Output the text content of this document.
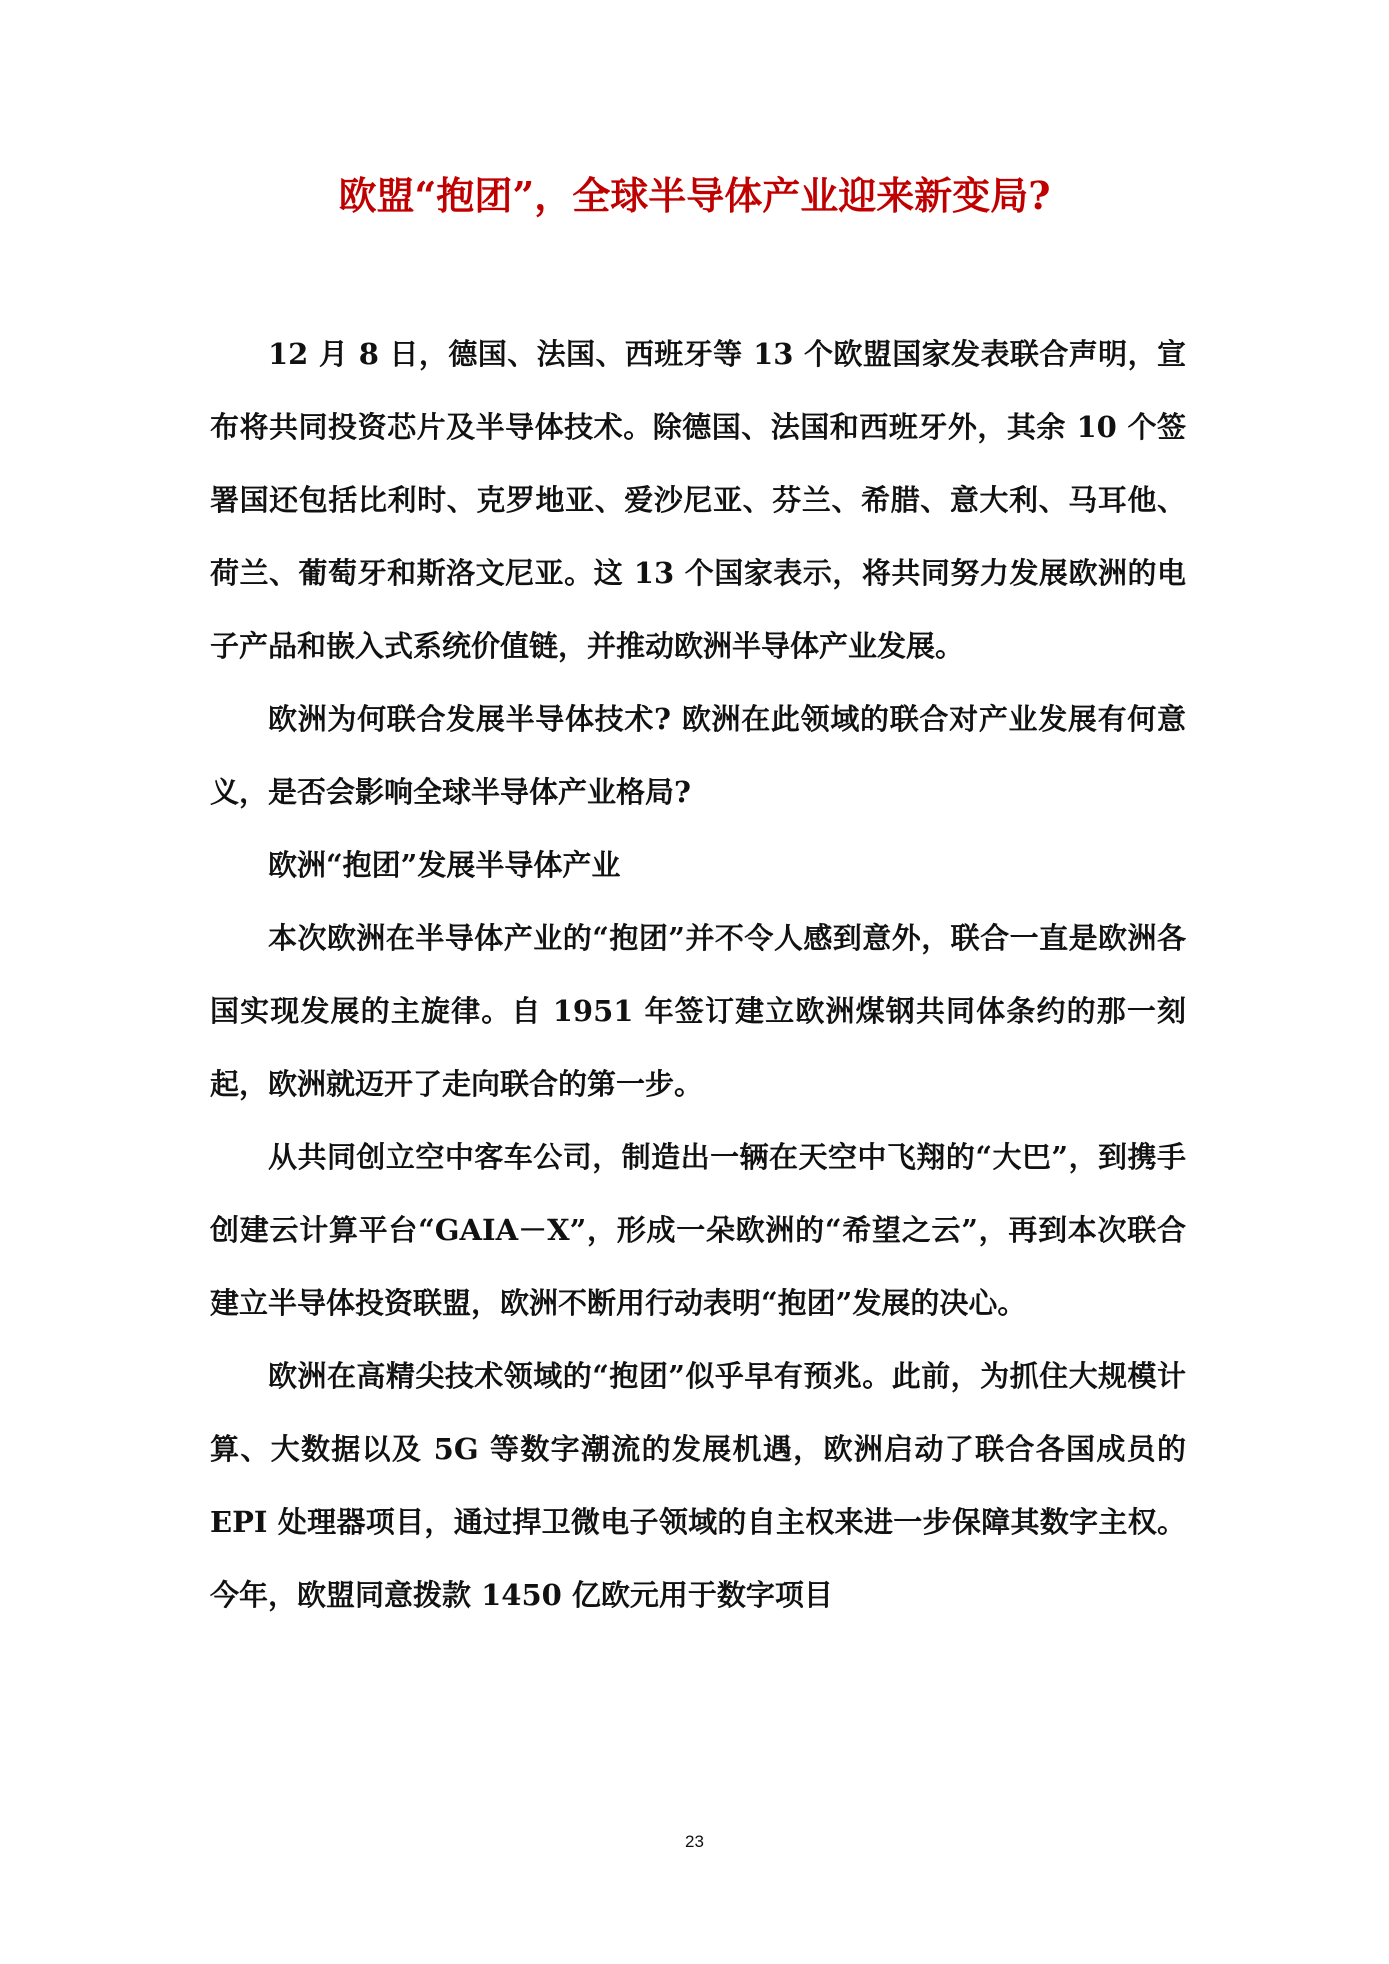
欧盟“抱团”，全球半导体产业迎来新变局?

12 月 8 日，德国、法国、西班牙等 13 个欧盟国家发表联合声明，宣布将共同投资芯片及半导体技术。除德国、法国和西班牙外，其余 10 个签署国还包括比利时、克罗地亚、爱沙尼亚、芬兰、希腊、意大利、马耳他、荷兰、葡萄牙和斯洛文尼亚。这 13 个国家表示，将共同努力发展欧洲的电子产品和嵌入式系统价值链，并推动欧洲半导体产业发展。

欧洲为何联合发展半导体技术? 欧洲在此领域的联合对产业发展有何意义，是否会影响全球半导体产业格局?

欧洲“抱团”发展半导体产业

本次欧洲在半导体产业的“抱团”并不令人感到意外，联合一直是欧洲各国实现发展的主旋律。自 1951 年签订建立欧洲煤钢共同体条约的那一刻起，欧洲就迈开了走向联合的第一步。

从共同创立空中客车公司，制造出一辆在天空中飞翔的“大巴”，到携手创建云计算平台“GAIA－X”，形成一朵欧洲的“希望之云”，再到本次联合建立半导体投资联盟，欧洲不断用行动表明“抱团”发展的决心。

欧洲在高精尖技术领域的“抱团”似乎早有预兆。此前，为抓住大规模计算、大数据以及 5G 等数字潮流的发展机遇，欧洲启动了联合各国成员的 EPI 处理器项目，通过捍卫微电子领域的自主权来进一步保障其数字主权。今年，欧盟同意拨款 1450 亿欧元用于数字项目

23
